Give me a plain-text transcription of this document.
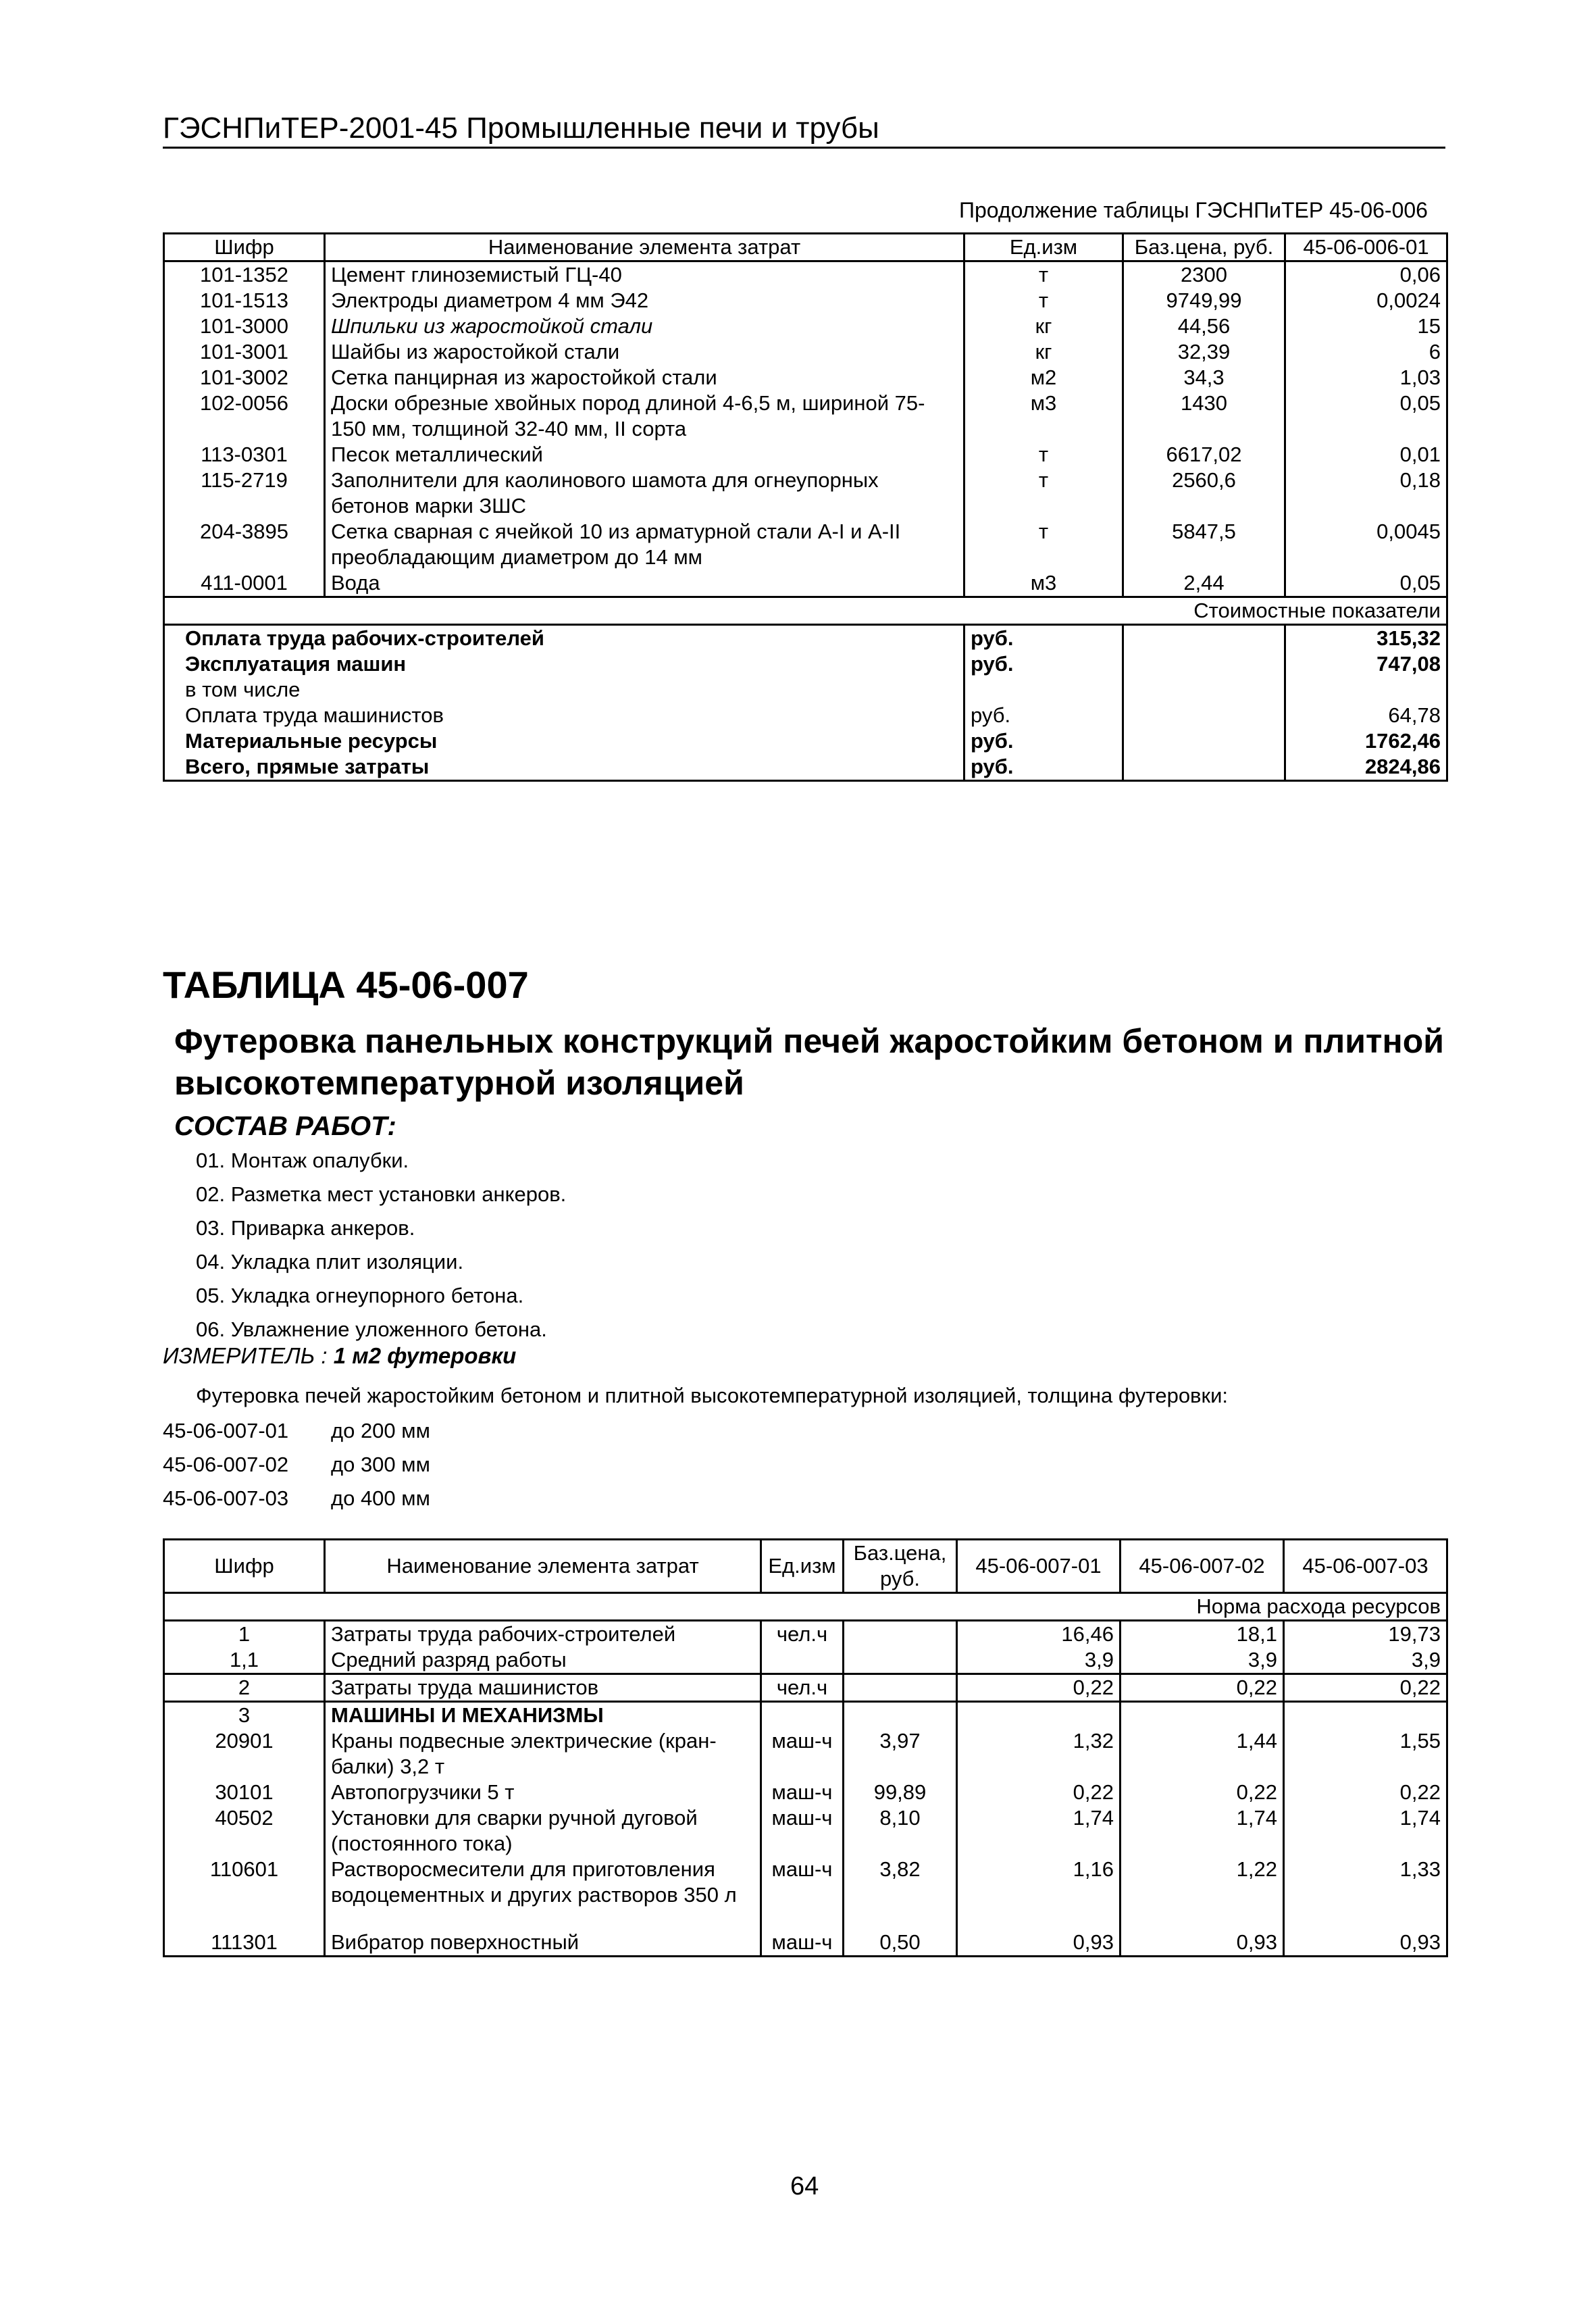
ГЭСНПиТЕР-2001-45 Промышленные печи и трубы
Продолжение таблицы ГЭСНПиТЕР 45-06-006
Шифр	Наименование элемента затрат	Ед.изм	Баз.цена, руб.	45-06-006-01
101-1352	Цемент глиноземистый ГЦ-40	т	2300	0,06
101-1513	Электроды диаметром 4 мм Э42	т	9749,99	0,0024
101-3000	Шпильки из жаростойкой стали	кг	44,56	15
101-3001	Шайбы из жаростойкой стали	кг	32,39	6
101-3002	Сетка панцирная из жаростойкой стали	м2	34,3	1,03
102-0056	Доски обрезные хвойных пород длиной 4-6,5 м, шириной 75-
150 мм, толщиной 32-40 мм, II сорта	м3	1430	0,05
113-0301	Песок металлический	т	6617,02	0,01
115-2719	Заполнители для каолинового шамота для огнеупорных
бетонов марки ЗШС	т	2560,6	0,18
204-3895	Сетка сварная с ячейкой 10 из арматурной стали А-I и А-II
преобладающим диаметром до 14 мм	т	5847,5	0,0045
411-0001	Вода	м3	2,44	0,05
				Стоимостные показатели
Оплата труда рабочих-строителей		руб.		315,32
Эксплуатация машин		руб.		747,08
в том числе				
Оплата труда машинистов		руб.		64,78
Материальные ресурсы		руб.		1762,46
Всего, прямые затраты		руб.		2824,86
ТАБЛИЦА 45-06-007
Футеровка панельных конструкций печей жаростойким бетоном и плитной высокотемпературной изоляцией
СОСТАВ РАБОТ:
01. Монтаж опалубки.
02. Разметка мест установки анкеров.
03. Приварка анкеров.
04. Укладка плит изоляции.
05. Укладка огнеупорного бетона.
06. Увлажнение уложенного бетона.
ИЗМЕРИТЕЛЬ : 1 м2 футеровки
Футеровка печей жаростойким бетоном и плитной высокотемпературной изоляцией, толщина футеровки:
45-06-007-01 до 200 мм
45-06-007-02 до 300 мм
45-06-007-03 до 400 мм
Шифр	Наименование элемента затрат	Ед.изм	Баз.цена,
руб.	45-06-007-01	45-06-007-02	45-06-007-03
						Норма расхода ресурсов
1	Затраты труда рабочих-строителей	чел.ч		16,46	18,1	19,73
1,1	Средний разряд работы			3,9	3,9	3,9
2	Затраты труда машинистов	чел.ч		0,22	0,22	0,22
3	МАШИНЫ И МЕХАНИЗМЫ					
20901	Краны подвесные электрические (кран-
балки) 3,2 т	маш-ч	3,97	1,32	1,44	1,55
30101	Автопогрузчики 5 т	маш-ч	99,89	0,22	0,22	0,22
40502	Установки для сварки ручной дуговой
(постоянного тока)	маш-ч	8,10	1,74	1,74	1,74
110601	Растворосмесители для приготовления
водоцементных и других растворов 350 л	маш-ч	3,82	1,16	1,22	1,33
111301	Вибратор поверхностный	маш-ч	0,50	0,93	0,93	0,93
64
